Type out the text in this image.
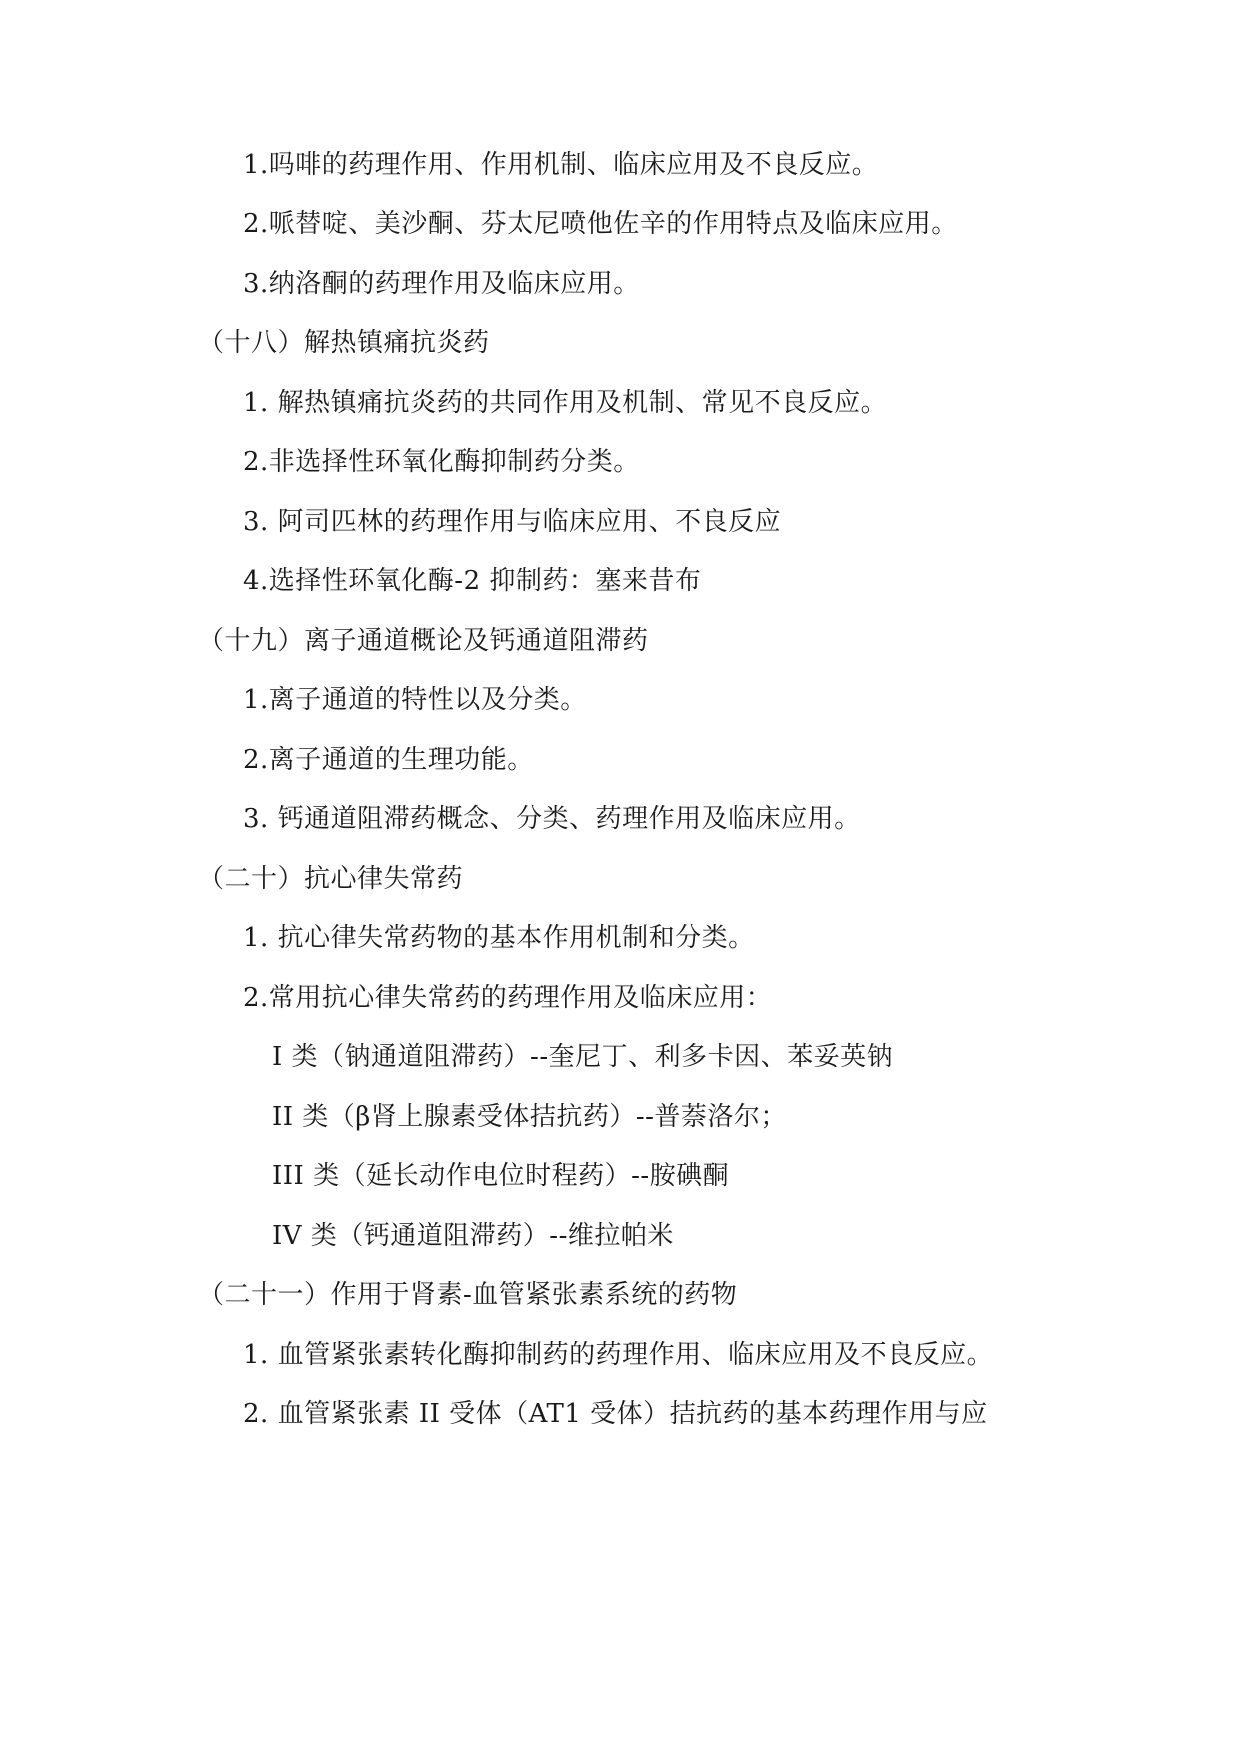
1.吗啡的药理作用、作用机制、临床应用及不良反应。
2.哌替啶、美沙酮、芬太尼喷他佐辛的作用特点及临床应用。
3.纳洛酮的药理作用及临床应用。
（十八）解热镇痛抗炎药
1. 解热镇痛抗炎药的共同作用及机制、常见不良反应。
2.非选择性环氧化酶抑制药分类。
3. 阿司匹林的药理作用与临床应用、不良反应
4.选择性环氧化酶-2 抑制药：塞来昔布
（十九）离子通道概论及钙通道阻滞药
1.离子通道的特性以及分类。
2.离子通道的生理功能。
3. 钙通道阻滞药概念、分类、药理作用及临床应用。
（二十）抗心律失常药
1. 抗心律失常药物的基本作用机制和分类。
2.常用抗心律失常药的药理作用及临床应用：
I 类（钠通道阻滞药）--奎尼丁、利多卡因、苯妥英钠
II 类（β肾上腺素受体拮抗药）--普萘洛尔；
III 类（延长动作电位时程药）--胺碘酮
IV 类（钙通道阻滞药）--维拉帕米
（二十一）作用于肾素-血管紧张素系统的药物
1. 血管紧张素转化酶抑制药的药理作用、临床应用及不良反应。
2. 血管紧张素 II 受体（AT1 受体）拮抗药的基本药理作用与应
